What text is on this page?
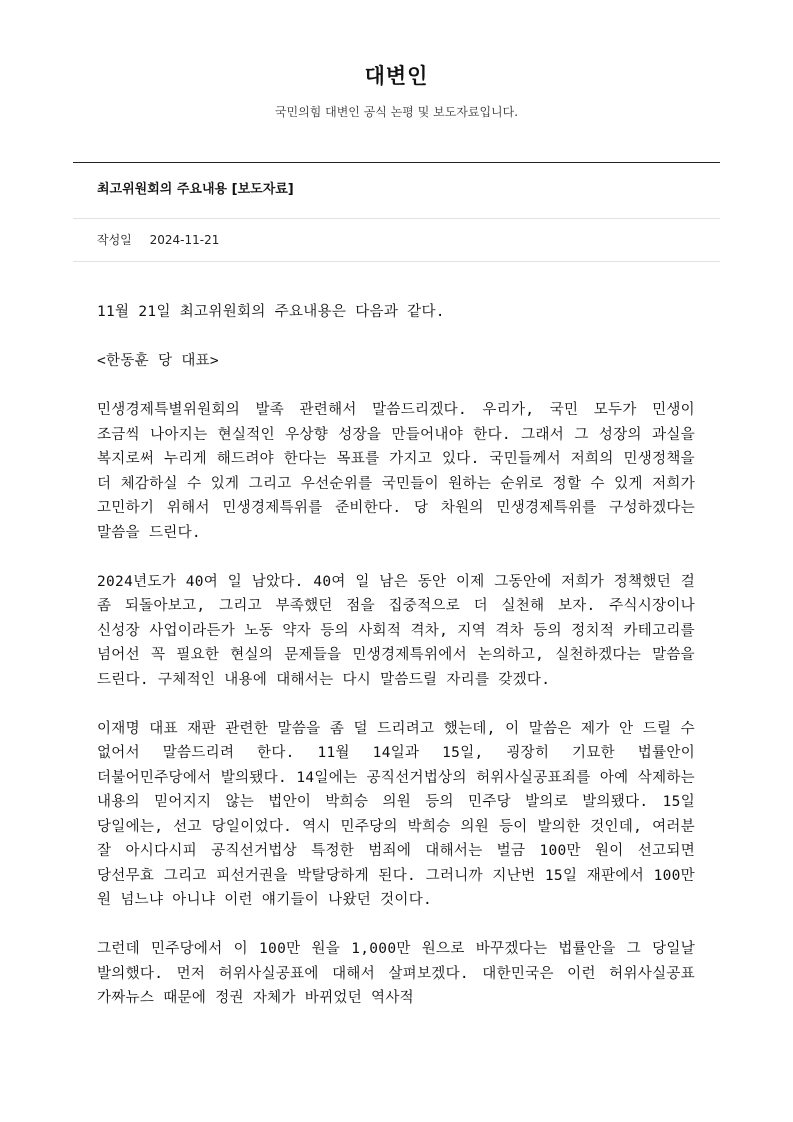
대변인
국민의힘 대변인 공식 논평 및 보도자료입니다.
최고위원회의 주요내용 [보도자료]
작성일 2024-11-21

11월 21일 최고위원회의 주요내용은 다음과 같다.

<한동훈 당 대표>

민생경제특별위원회의 발족 관련해서 말씀드리겠다. 우리가, 국민 모두가 민생이 조금씩 나아지는 현실적인 우상향 성장을 만들어내야 한다. 그래서 그 성장의 과실을 복지로써 누리게 해드려야 한다는 목표를 가지고 있다. 국민들께서 저희의 민생정책을 더 체감하실 수 있게 그리고 우선순위를 국민들이 원하는 순위로 정할 수 있게 저희가 고민하기 위해서 민생경제특위를 준비한다. 당 차원의 민생경제특위를 구성하겠다는 말씀을 드린다.

2024년도가 40여 일 남았다. 40여 일 남은 동안 이제 그동안에 저희가 정책했던 걸 좀 되돌아보고, 그리고 부족했던 점을 집중적으로 더 실천해 보자. 주식시장이나 신성장 사업이라든가 노동 약자 등의 사회적 격차, 지역 격차 등의 정치적 카테고리를 넘어선 꼭 필요한 현실의 문제들을 민생경제특위에서 논의하고, 실천하겠다는 말씀을 드린다. 구체적인 내용에 대해서는 다시 말씀드릴 자리를 갖겠다.

이재명 대표 재판 관련한 말씀을 좀 덜 드리려고 했는데, 이 말씀은 제가 안 드릴 수 없어서 말씀드리려 한다. 11월 14일과 15일, 굉장히 기묘한 법률안이 더불어민주당에서 발의됐다. 14일에는 공직선거법상의 허위사실공표죄를 아예 삭제하는 내용의 믿어지지 않는 법안이 박희승 의원 등의 민주당 발의로 발의됐다. 15일 당일에는, 선고 당일이었다. 역시 민주당의 박희승 의원 등이 발의한 것인데, 여러분 잘 아시다시피 공직선거법상 특정한 범죄에 대해서는 벌금 100만 원이 선고되면 당선무효 그리고 피선거권을 박탈당하게 된다. 그러니까 지난번 15일 재판에서 100만 원 넘느냐 아니냐 이런 얘기들이 나왔던 것이다.

그런데 민주당에서 이 100만 원을 1,000만 원으로 바꾸겠다는 법률안을 그 당일날 발의했다. 먼저 허위사실공표에 대해서 살펴보겠다. 대한민국은 이런 허위사실공표 가짜뉴스 때문에 정권 자체가 바뀌었던 역사적
